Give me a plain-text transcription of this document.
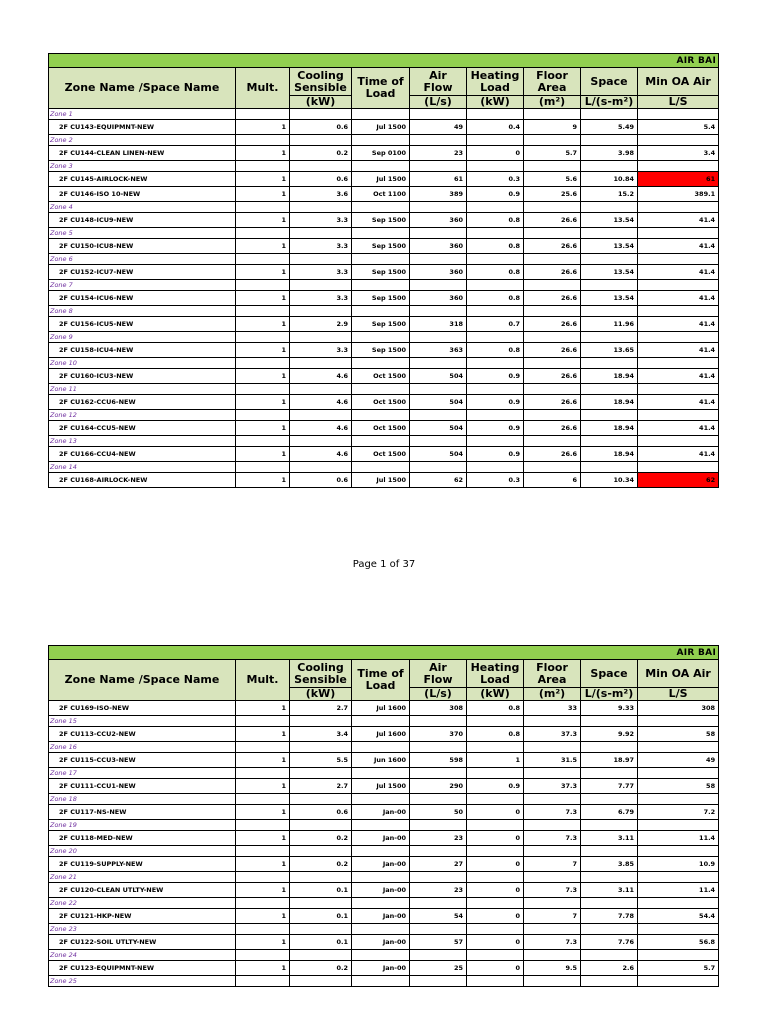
AIR BAI								
Zone Name /Space Name	Mult.	Cooling Sensible	Time of Load	Air Flow	Heating Load	Floor Area	Space	Min OA Air
		(kW)		(L/s)	(kW)	(m²)	L/(s-m²)	L/S
Zone 1								
2F CU143-EQUIPMNT-NEW	1	0.6	Jul 1500	49	0.4	9	5.49	5.4
Zone 2								
2F CU144-CLEAN LINEN-NEW	1	0.2	Sep 0100	23	0	5.7	3.98	3.4
Zone 3								
2F CU145-AIRLOCK-NEW	1	0.6	Jul 1500	61	0.3	5.6	10.84	61
2F CU146-ISO 10-NEW	1	3.6	Oct 1100	389	0.9	25.6	15.2	389.1
Zone 4								
2F CU148-ICU9-NEW	1	3.3	Sep 1500	360	0.8	26.6	13.54	41.4
Zone 5								
2F CU150-ICU8-NEW	1	3.3	Sep 1500	360	0.8	26.6	13.54	41.4
Zone 6								
2F CU152-ICU7-NEW	1	3.3	Sep 1500	360	0.8	26.6	13.54	41.4
Zone 7								
2F CU154-ICU6-NEW	1	3.3	Sep 1500	360	0.8	26.6	13.54	41.4
Zone 8								
2F CU156-ICU5-NEW	1	2.9	Sep 1500	318	0.7	26.6	11.96	41.4
Zone 9								
2F CU158-ICU4-NEW	1	3.3	Sep 1500	363	0.8	26.6	13.65	41.4
Zone 10								
2F CU160-ICU3-NEW	1	4.6	Oct 1500	504	0.9	26.6	18.94	41.4
Zone 11								
2F CU162-CCU6-NEW	1	4.6	Oct 1500	504	0.9	26.6	18.94	41.4
Zone 12								
2F CU164-CCU5-NEW	1	4.6	Oct 1500	504	0.9	26.6	18.94	41.4
Zone 13								
2F CU166-CCU4-NEW	1	4.6	Oct 1500	504	0.9	26.6	18.94	41.4
Zone 14								
2F CU168-AIRLOCK-NEW	1	0.6	Jul 1500	62	0.3	6	10.34	62
Page 1 of 37
AIR BAI								
Zone Name /Space Name	Mult.	Cooling Sensible	Time of Load	Air Flow	Heating Load	Floor Area	Space	Min OA Air
		(kW)		(L/s)	(kW)	(m²)	L/(s-m²)	L/S
2F CU169-ISO-NEW	1	2.7	Jul 1600	308	0.8	33	9.33	308
Zone 15								
2F CU113-CCU2-NEW	1	3.4	Jul 1600	370	0.8	37.3	9.92	58
Zone 16								
2F CU115-CCU3-NEW	1	5.5	Jun 1600	598	1	31.5	18.97	49
Zone 17								
2F CU111-CCU1-NEW	1	2.7	Jul 1500	290	0.9	37.3	7.77	58
Zone 18								
2F CU117-NS-NEW	1	0.6	Jan-00	50	0	7.3	6.79	7.2
Zone 19								
2F CU118-MED-NEW	1	0.2	Jan-00	23	0	7.3	3.11	11.4
Zone 20								
2F CU119-SUPPLY-NEW	1	0.2	Jan-00	27	0	7	3.85	10.9
Zone 21								
2F CU120-CLEAN UTLTY-NEW	1	0.1	Jan-00	23	0	7.3	3.11	11.4
Zone 22								
2F CU121-HKP-NEW	1	0.1	Jan-00	54	0	7	7.78	54.4
Zone 23								
2F CU122-SOIL UTLTY-NEW	1	0.1	Jan-00	57	0	7.3	7.76	56.8
Zone 24								
2F CU123-EQUIPMNT-NEW	1	0.2	Jan-00	25	0	9.5	2.6	5.7
Zone 25								
